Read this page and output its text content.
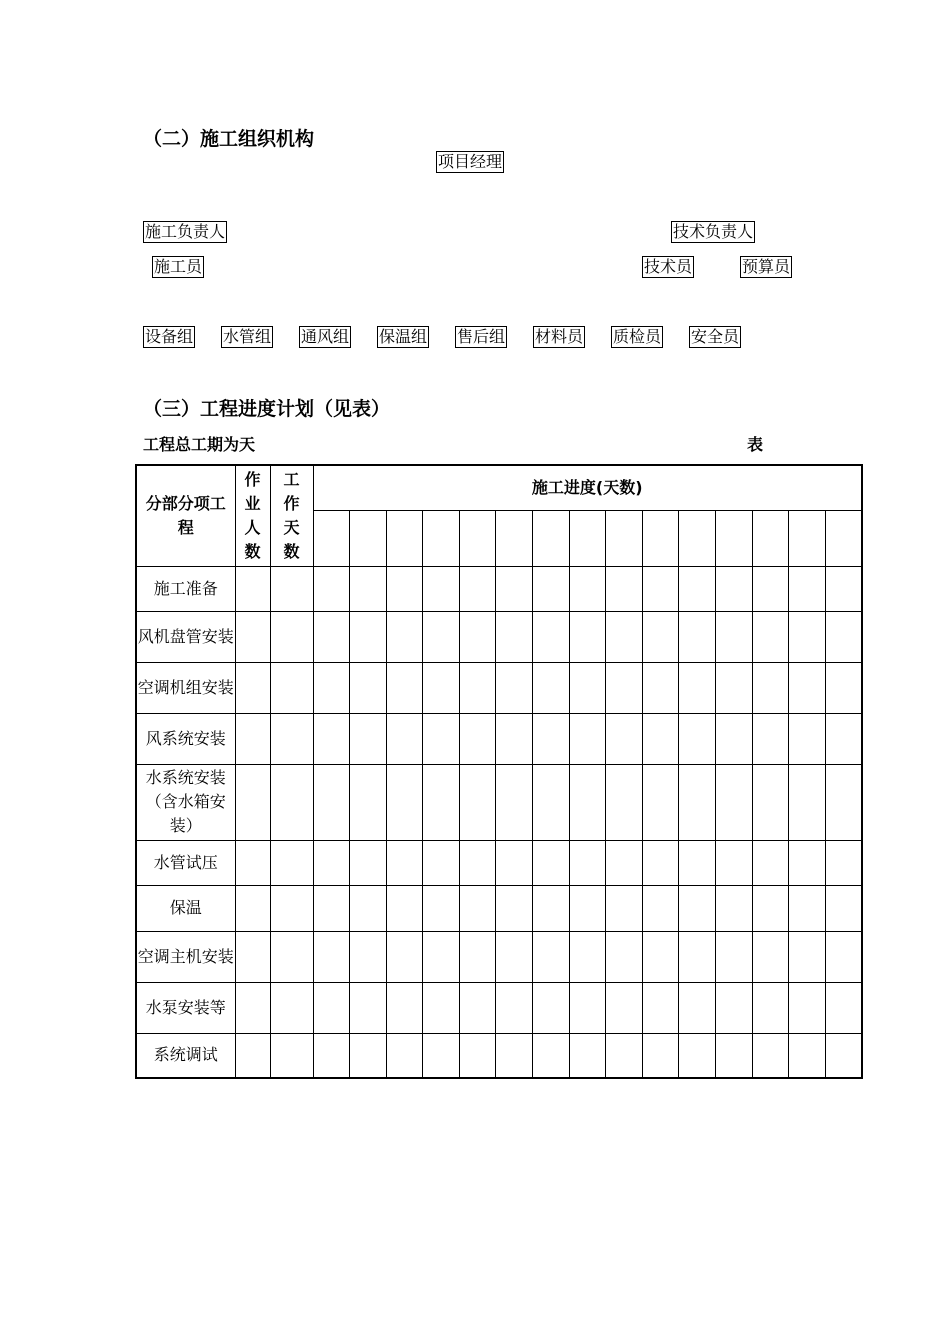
（二）施工组织机构
项目经理
施工负责人	技术负责人
施工员	技术员	预算员
设备组 水管组 通风组 保温组 售后组 材料员 质检员 安全员
（三）工程进度计划（见表）
工程总工期为天	表
分部分项工程	作业人数	工作天数	施工进度(天数)														

施工准备																	
风机盘管安装																	
空调机组安装																	
风系统安装																	
水系统安装（含水箱安装）																	
水管试压																	
保温																	
空调主机安装																	
水泵安装等																	
系统调试																	
